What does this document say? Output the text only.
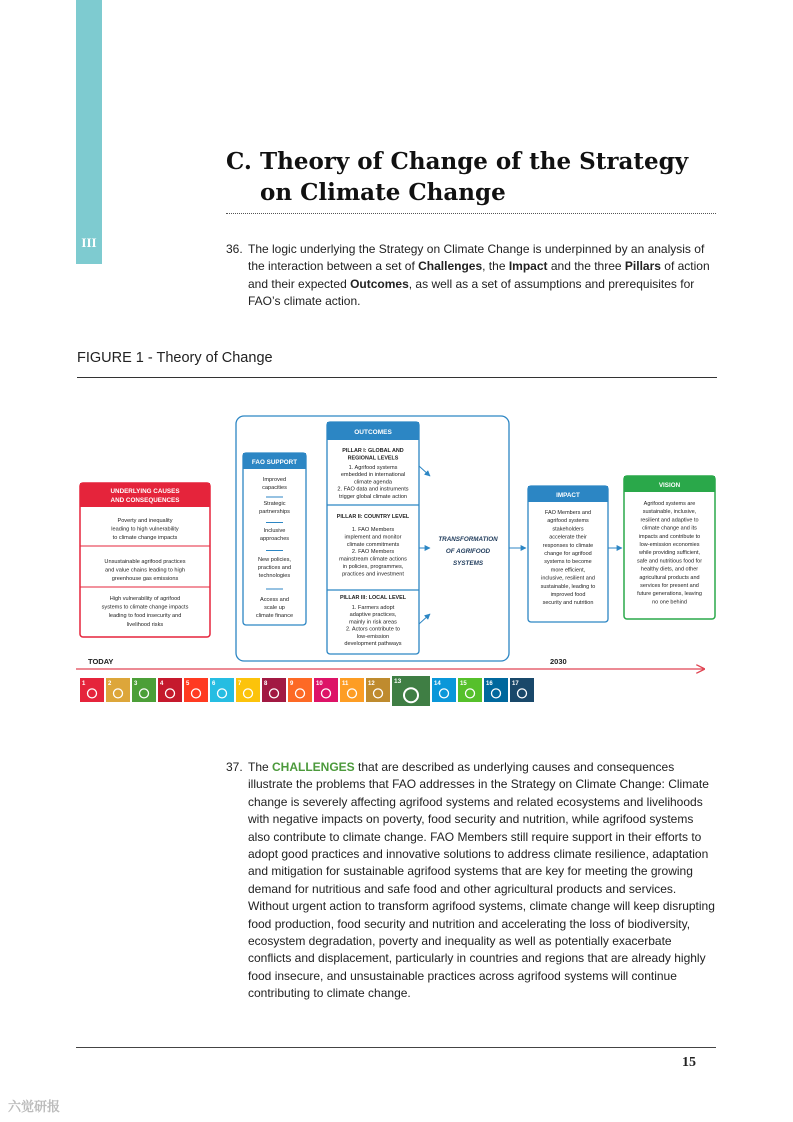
III
C. Theory of Change of the Strategy
on Climate Change
36. The logic underlying the Strategy on Climate Change is underpinned by an analysis of the interaction between a set of Challenges, the Impact and the three Pillars of action and their expected Outcomes, as well as a set of assumptions and prerequisites for FAO’s climate action.
FIGURE 1 - Theory of Change
UNDERLYING CAUSES
AND CONSEQUENCES
Poverty and inequality
leading to high vulnerability
to climate change impacts
Unsustainable agrifood practices
and value chains leading to high
greenhouse gas emissions
High vulnerability of agrifood
systems to climate change impacts
leading to food insecurity and
livelihood risks
FAO SUPPORT
Improved
capacities
Strategic
partnerships
Inclusive
approaches
New policies,
practices and
technologies
Access and
scale up
climate finance
OUTCOMES
PILLAR I: GLOBAL AND
REGIONAL LEVELS
1. Agrifood systems
embedded in international
climate agenda
2. FAO data and instruments
trigger global climate action
PILLAR II: COUNTRY LEVEL
1. FAO Members
implement and monitor
climate commitments
2. FAO Members
mainstream climate actions
in policies, programmes,
practices and investment
PILLAR III: LOCAL LEVEL
1. Farmers adopt
adaptive practices,
mainly in risk areas
2. Actors contribute to
low-emission
development pathways
TRANSFORMATION
OF AGRIFOOD
SYSTEMS
IMPACT
FAO Members and
agrifood systems
stakeholders
accelerate their
responses to climate
change for agrifood
systems to become
more efficient,
inclusive, resilient and
sustainable, leading to
improved food
security and nutrition
VISION
Agrifood systems are
sustainable, inclusive,
resilient and adaptive to
climate change and its
impacts and contribute to
low-emission economies
while providing sufficient,
safe and nutritious food for
healthy diets, and other
agricultural products and
services for present and
future generations, leaving
no one behind
TODAY	2030
1	2	3	4	5	6	7	8	9	10	11	12	13	14	15	16	17
37. The CHALLENGES that are described as underlying causes and consequences illustrate the problems that FAO addresses in the Strategy on Climate Change: Climate change is severely affecting agrifood systems and related ecosystems and livelihoods with negative impacts on poverty, food security and nutrition, while agrifood systems also contribute to climate change. FAO Members still require support in their efforts to adopt good practices and innovative solutions to address climate resilience, adaptation and mitigation for sustainable agrifood systems that are key for meeting the growing demand for nutritious and safe food and other agricultural products and services. Without urgent action to transform agrifood systems, climate change will keep disrupting food production, food security and nutrition and accelerating the loss of biodiversity, ecosystem degradation, poverty and inequality as well as potentially exacerbate conflicts and displacement, particularly in countries and regions that are already highly food insecure, and unsustainable practices across agrifood systems will continue contributing to climate change.
15
六觉研报
